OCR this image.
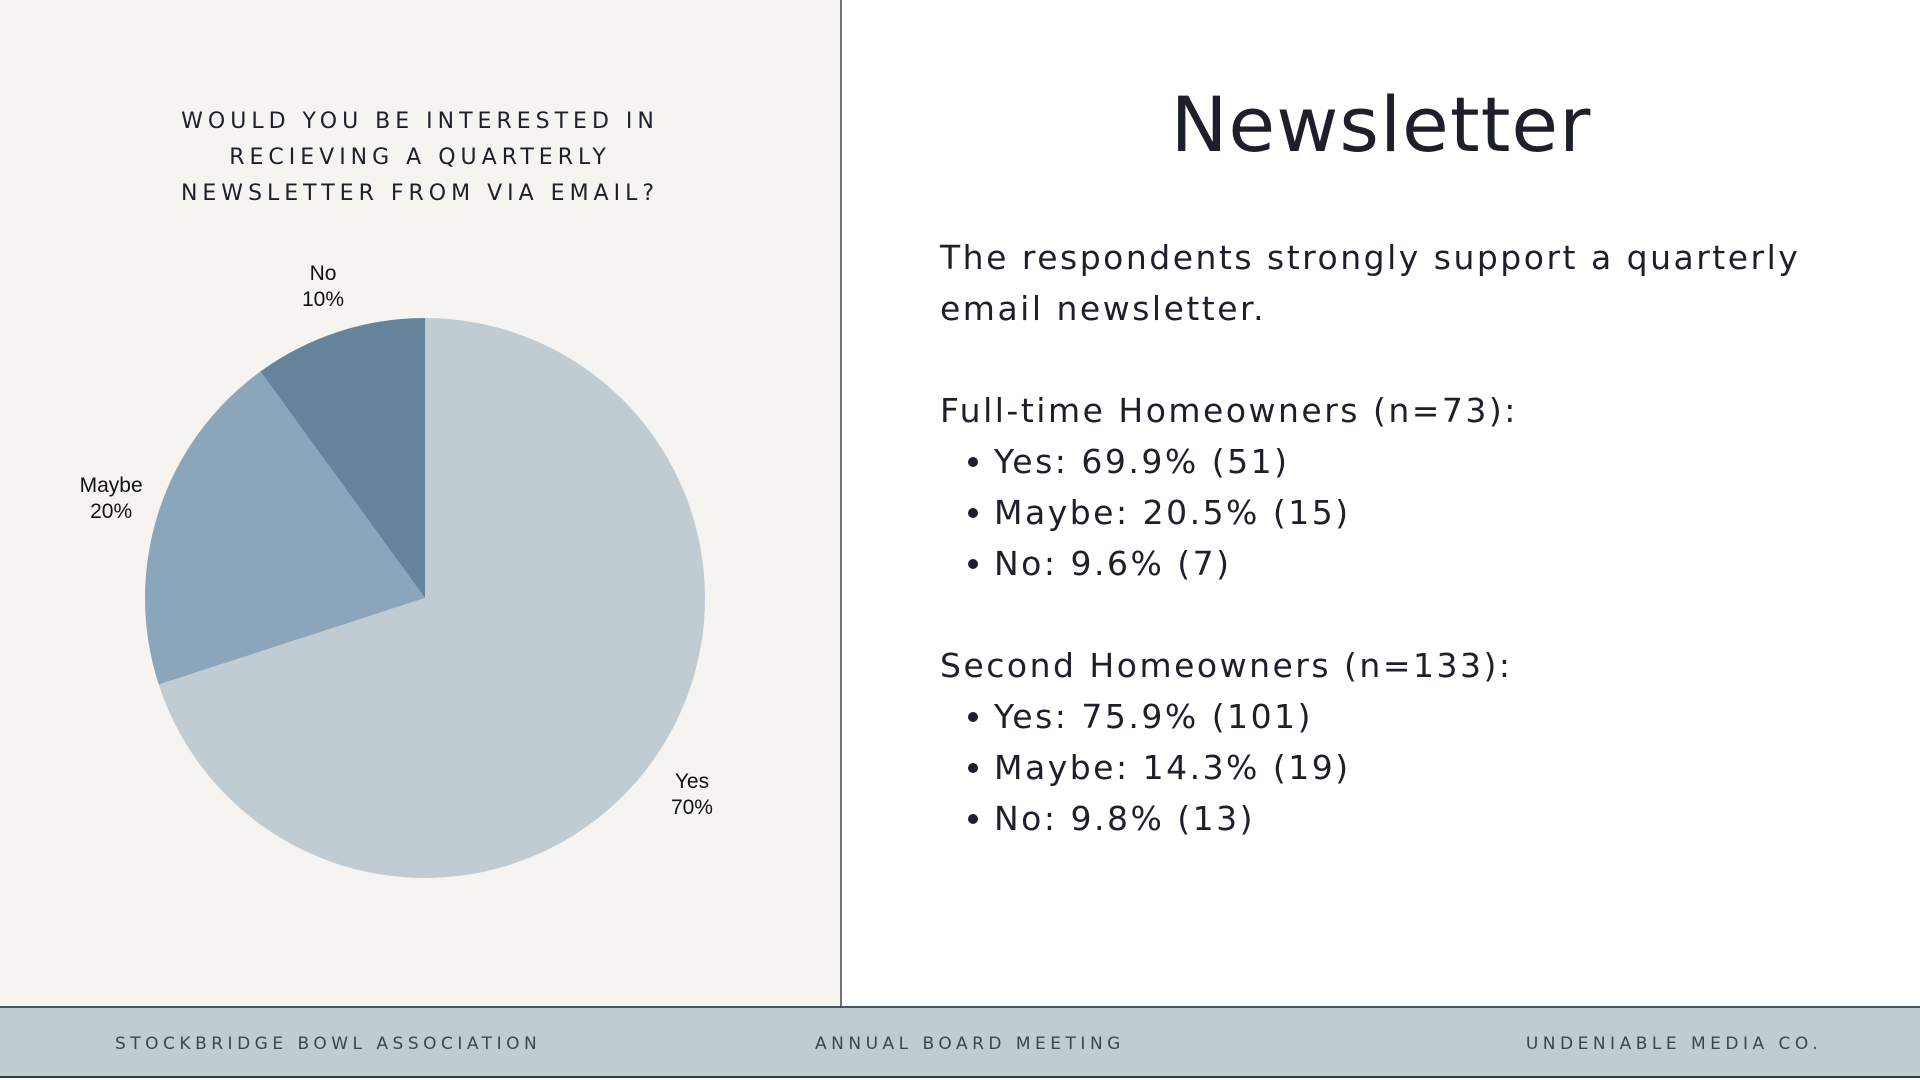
WOULD YOU BE INTERESTED IN
RECIEVING A QUARTERLY
NEWSLETTER FROM VIA EMAIL?
Yes 70%
Maybe 20%
No 10%
Newsletter

The respondents strongly support a quarterly email newsletter.

Full-time Homeowners (n=73):

Yes: 69.9% (51)
Maybe: 20.5% (15)
No: 9.6% (7)

Second Homeowners (n=133):

Yes: 75.9% (101)
Maybe: 14.3% (19)
No: 9.8% (13)
STOCKBRIDGE BOWL ASSOCIATION	ANNUAL BOARD MEETING	UNDENIABLE MEDIA CO.
